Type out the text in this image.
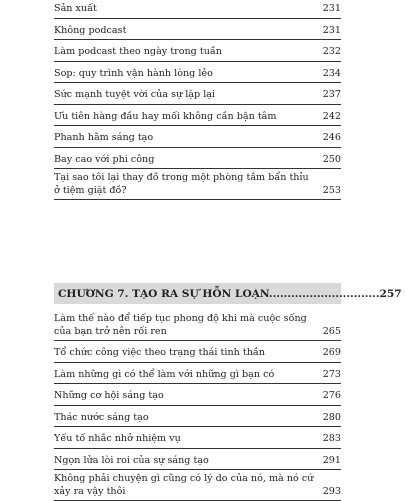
Sản xuất	231
Không podcast	231
Làm podcast theo ngày trong tuần	232
Sop: quy trình vận hành lòng lẻo	234
Sức mạnh tuyệt vời của sự lặp lại	237
Ưu tiên hàng đầu hay mối không cần bận tâm	242
Phanh hãm sáng tạo	246
Bay cao với phi công	250
Tại sao tôi lại thay đồ trong một phòng tắm bẩn thỉu ở tiệm giặt đồ?	253
CHƯƠNG 7. TẠO RA SỰ HỖN LOẠN.............................. 257
Làm thế nào để tiếp tục phong độ khi mà cuộc sống của bạn trở nên rối ren	265
Tổ chức công việc theo trạng thái tinh thần	269
Làm những gì có thể làm với những gì bạn có	273
Những cơ hội sáng tạo	276
Thác nước sáng tạo	280
Yếu tố nhắc nhở nhiệm vụ	283
Ngọn lửa lòi roi của sự sáng tạo	291
Không phải chuyện gì cũng có lý do của nó, mà nó cứ xảy ra vậy thôi	293
